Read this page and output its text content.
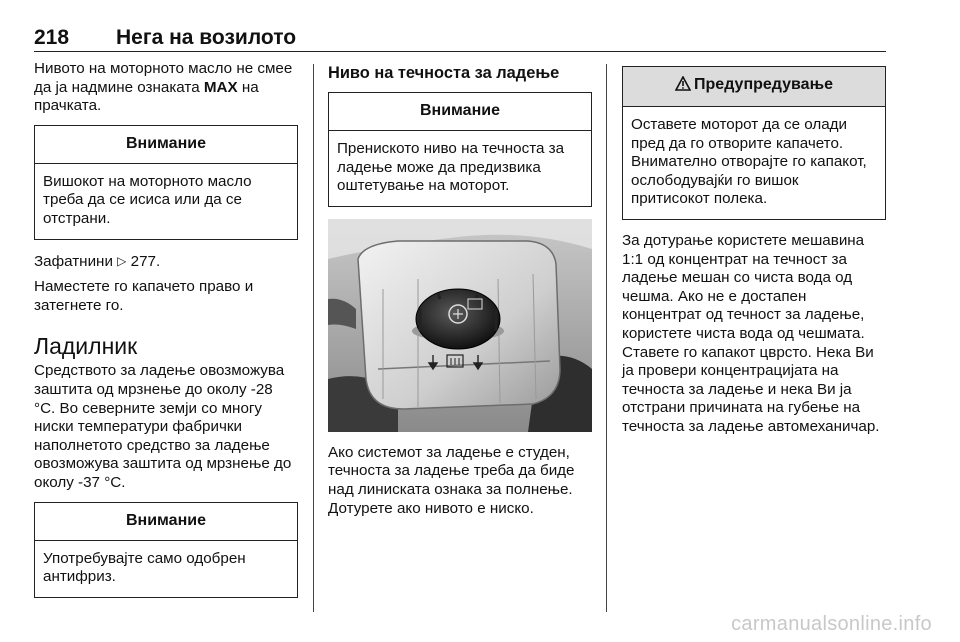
218 Нега на возилото

Нивото на моторното масло не смее да ја надмине ознаката MAX на прачката.

Внимание
Вишокот на моторното масло треба да се исиса или да се отстрани.

Зафатнини ▷ 277.

Наместете го капачето право и затегнете го.

Ладилник

Средството за ладење овозможува заштита од мрзнење до околу -28 °C. Во северните земји со многу ниски температури фабрички наполнетото средство за ладење овозможува заштита од мрзнење до околу -37 °C.

Внимание
Употребувајте само одобрен антифриз.
Ниво на течноста за ладење
Внимание
Прениското ниво на течноста за ладење може да предизвика оштетување на моторот.

Ако системот за ладење е студен, течноста за ладење треба да биде над линиската ознака за полнење. Дотурете ако нивото е ниско.

Предупредување
Оставете моторот да се олади пред да го отворите капачето. Внимателно отворајте го капакот, ослободувајќи го вишок притисокот полека.

За дотурање користете мешавина 1:1 од концентрат на течност за ладење мешан со чиста вода од чешма. Ако не е достапен концентрат од течност за ладење, користете чиста вода од чешмата. Ставете го капакот цврсто. Нека Ви ја провери концентрацијата на течноста за ладење и нека Ви ја отстрани причината на губење на течноста за ладење автомеханичар.

carmanualsonline.info
